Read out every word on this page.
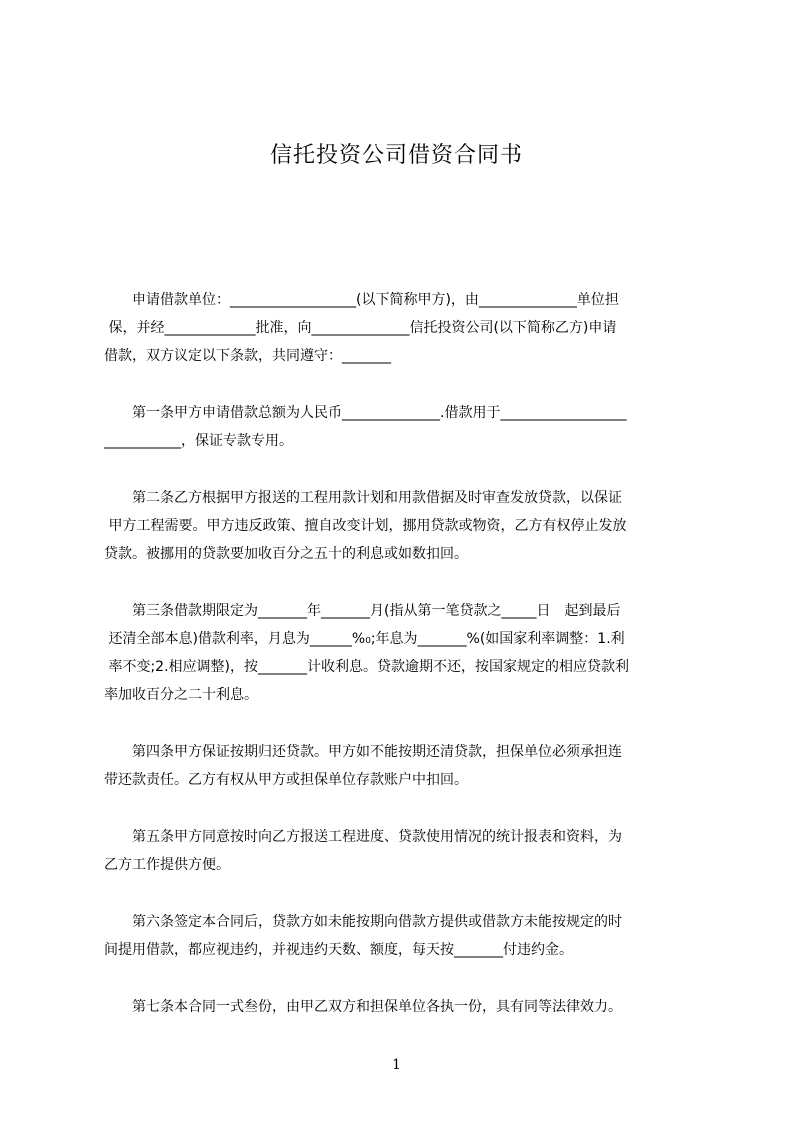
信托投资公司借资合同书
　　申请借款单位：__________________(以下简称甲方)，由______________单位担
保，并经_____________批准，向______________信托投资公司(以下简称乙方)申请
借款，双方议定以下条款，共同遵守：_______
　　第一条甲方申请借款总额为人民币______________.借款用于__________________
___________，保证专款专用。
　　第二条乙方根据甲方报送的工程用款计划和用款借据及时审查发放贷款，以保证
甲方工程需要。甲方违反政策、擅自改变计划，挪用贷款或物资，乙方有权停止发放
贷款。被挪用的贷款要加收百分之五十的利息或如数扣回。
　　第三条借款期限定为_______年_______月(指从第一笔贷款之_____日　起到最后
还清全部本息)借款利率，月息为______%₀;年息为_______%(如国家利率调整：1.利
率不变;2.相应调整)，按_______计收利息。贷款逾期不还，按国家规定的相应贷款利
率加收百分之二十利息。
　　第四条甲方保证按期归还贷款。甲方如不能按期还清贷款，担保单位必须承担连
带还款责任。乙方有权从甲方或担保单位存款账户中扣回。
　　第五条甲方同意按时向乙方报送工程进度、贷款使用情况的统计报表和资料，为
乙方工作提供方便。
　　第六条签定本合同后，贷款方如未能按期向借款方提供或借款方未能按规定的时
间提用借款，都应视违约，并视违约天数、额度，每天按_______付违约金。
　　第七条本合同一式叁份，由甲乙双方和担保单位各执一份，具有同等法律效力。
1
